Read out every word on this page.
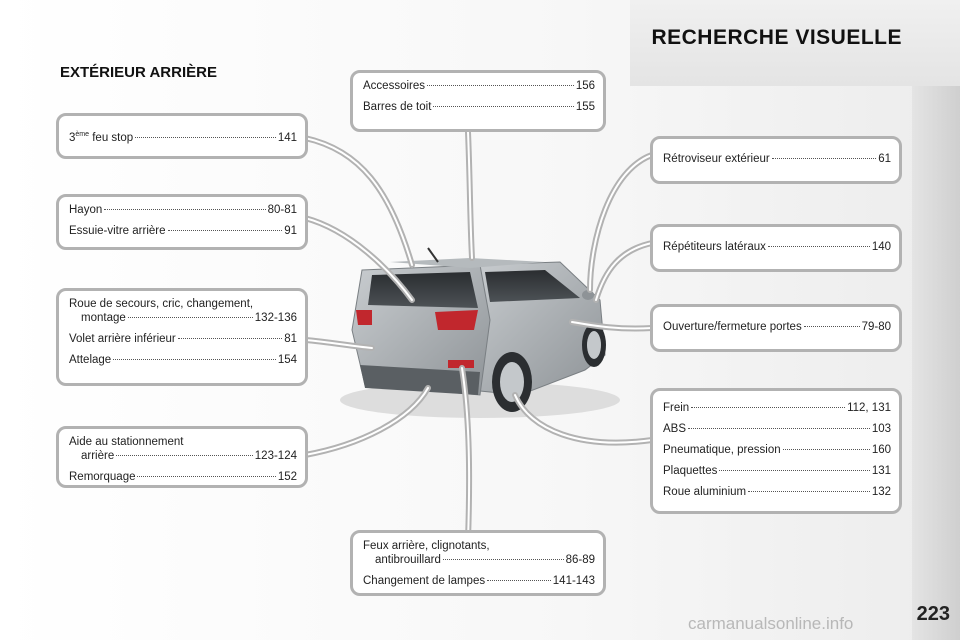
RECHERCHE VISUELLE
EXTÉRIEUR ARRIÈRE
3ème feu stop	141
Hayon	80-81
Essuie-vitre arrière	91
Roue de secours, cric, changement,
montage	132-136
Volet arrière inférieur	81
Attelage	154
Aide au stationnement
arrière	123-124
Remorquage	152
Accessoires	156
Barres de toit	155
Feux arrière, clignotants,
antibrouillard	86-89
Changement de lampes	141-143
Rétroviseur extérieur	61
Répétiteurs latéraux	140
Ouverture/fermeture portes	79-80
Frein	112, 131
ABS	103
Pneumatique, pression	160
Plaquettes	131
Roue aluminium	132
223
carmanualsonline.info
